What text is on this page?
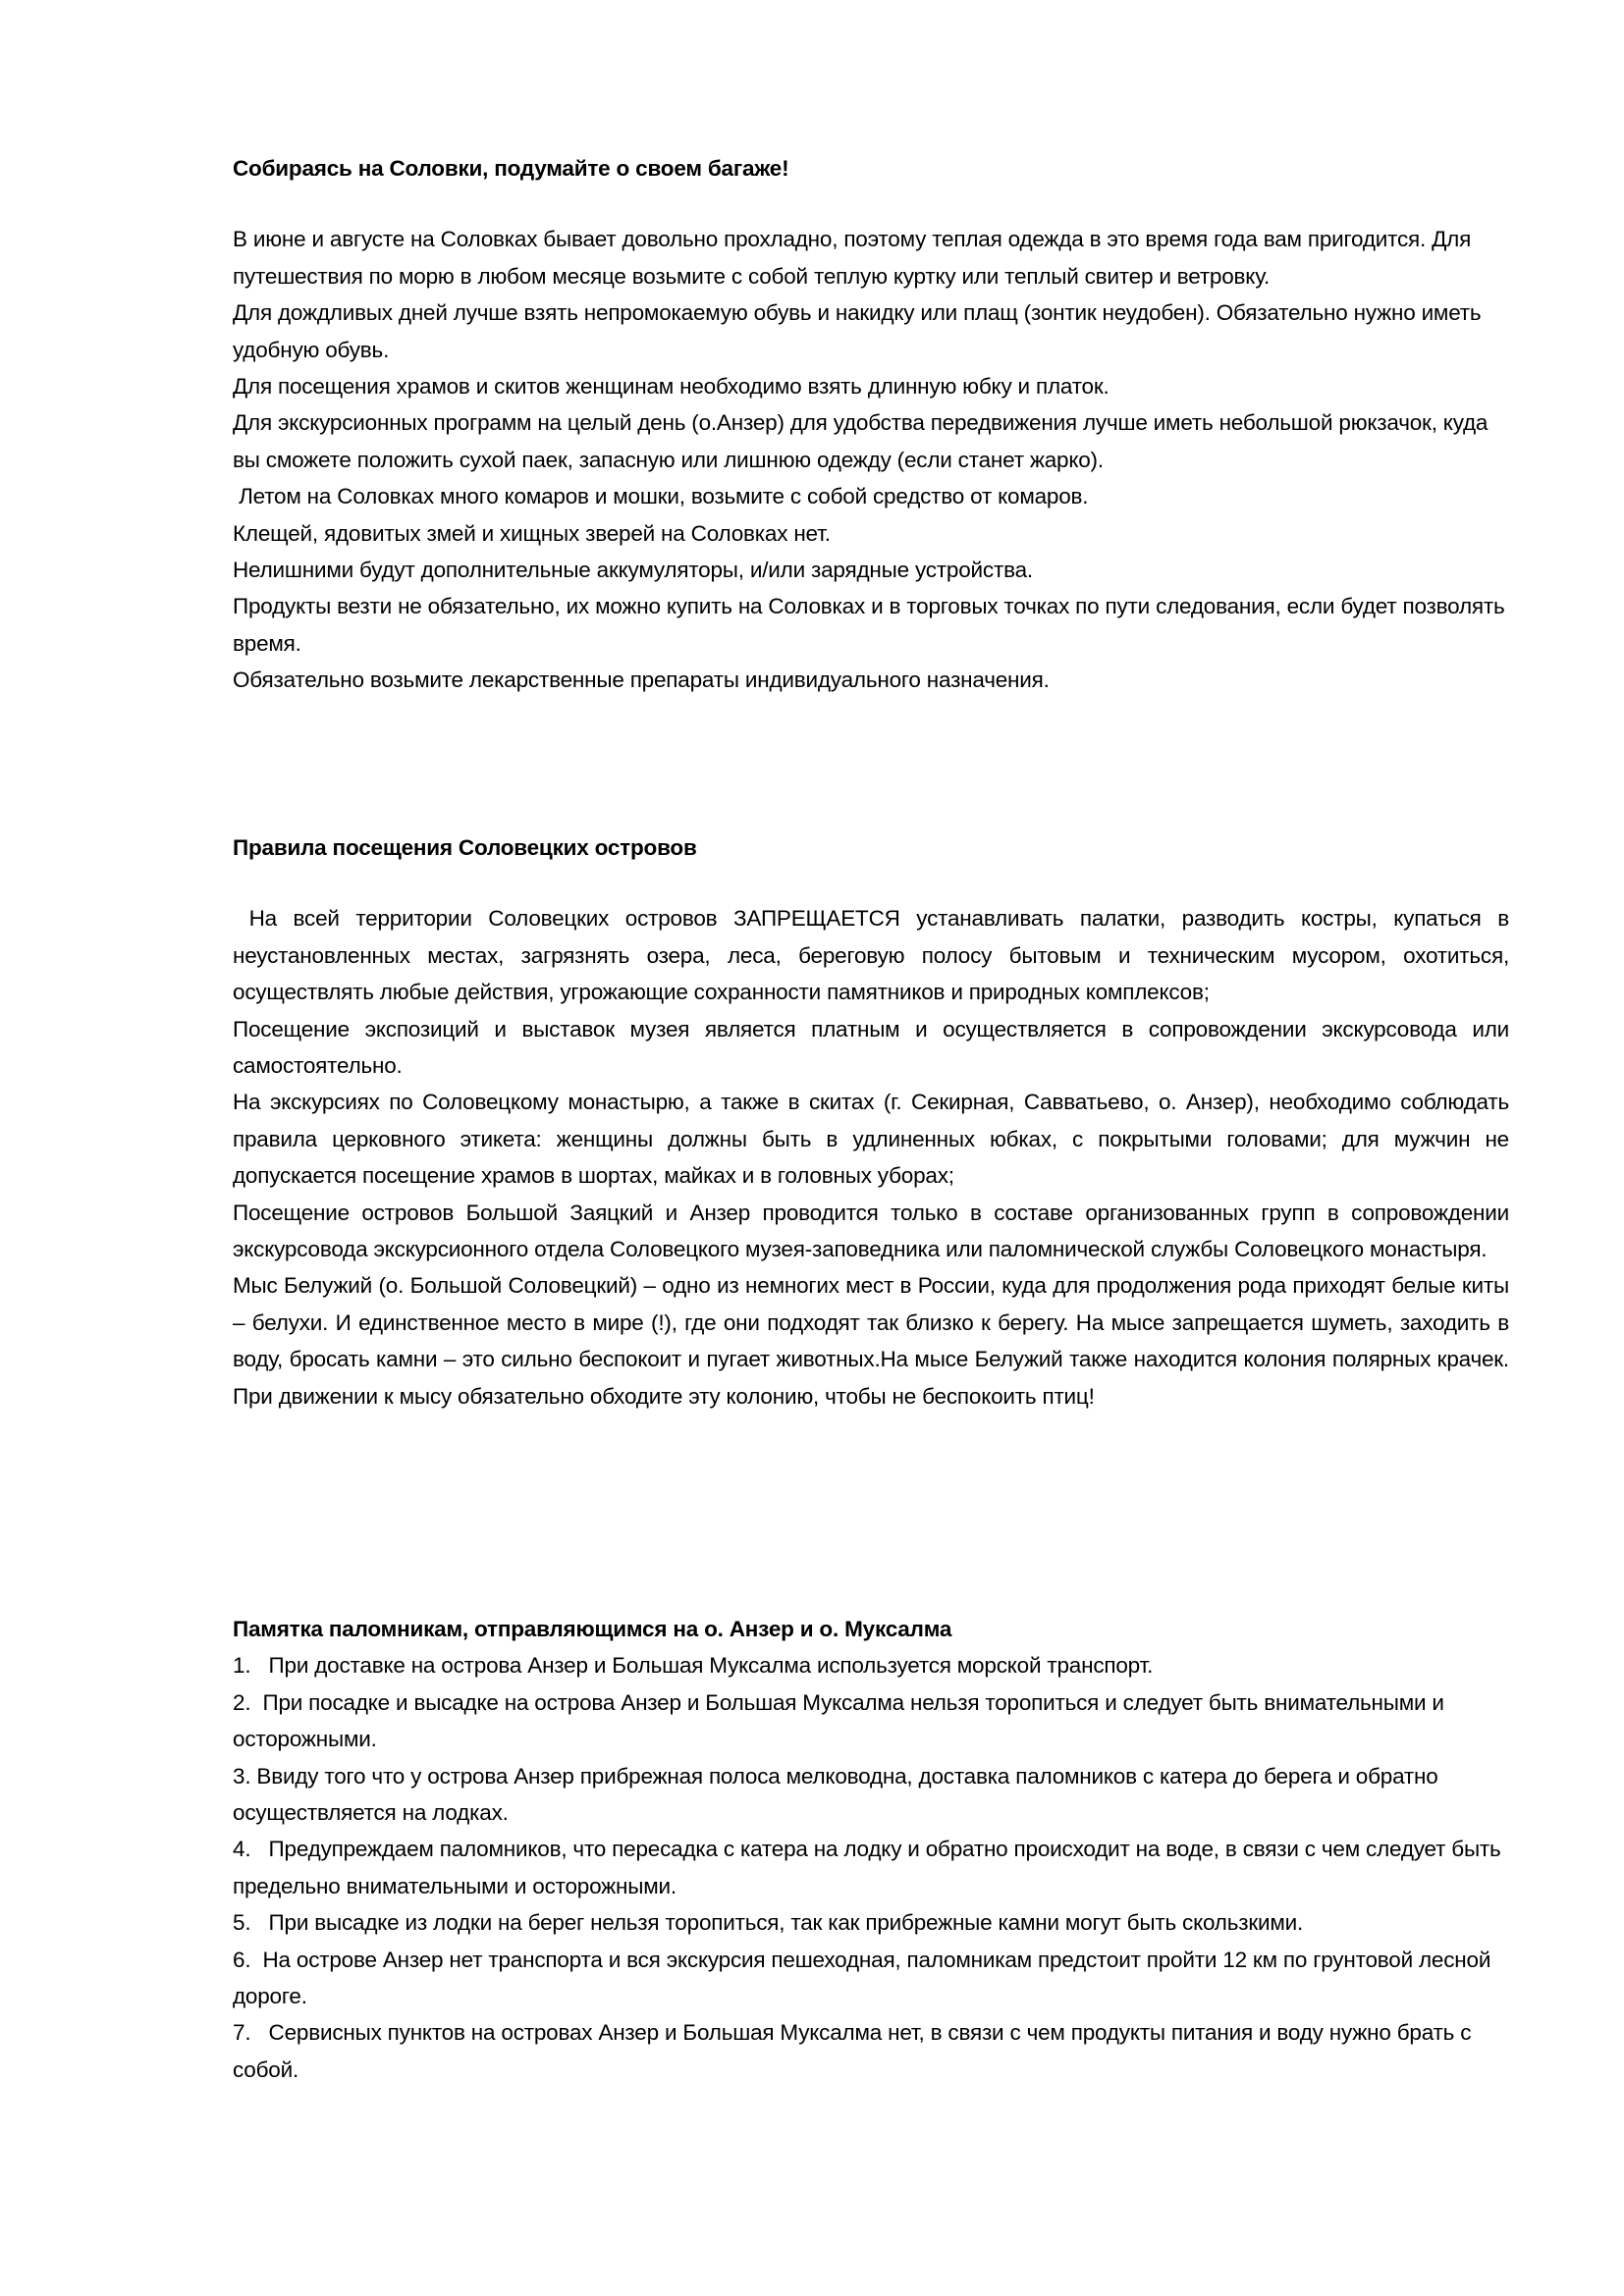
Собираясь на Соловки, подумайте о своем багаже!

В июне и августе на Соловках бывает довольно прохладно, поэтому теплая одежда в это время года вам пригодится. Для путешествия по морю в любом месяце возьмите с собой теплую куртку или теплый свитер и ветровку.

Для дождливых дней лучше взять непромокаемую обувь и накидку или плащ (зонтик неудобен). Обязательно нужно иметь удобную обувь.

Для посещения храмов и скитов женщинам необходимо взять длинную юбку и платок.

Для экскурсионных программ на целый день (о.Анзер) для удобства передвижения лучше иметь небольшой рюкзачок, куда вы сможете положить сухой паек, запасную или лишнюю одежду (если станет жарко).

Летом на Соловках много комаров и мошки, возьмите с собой средство от комаров.

Клещей, ядовитых змей и хищных зверей на Соловках нет.

Нелишними будут дополнительные аккумуляторы, и/или зарядные устройства.

Продукты везти не обязательно, их можно купить на Соловках и в торговых точках по пути следования, если будет позволять время.

Обязательно возьмите лекарственные препараты индивидуального назначения.

Правила посещения Соловецких островов

На всей территории Соловецких островов ЗАПРЕЩАЕТСЯ устанавливать палатки, разводить костры, купаться в неустановленных местах, загрязнять озера, леса, береговую полосу бытовым и техническим мусором, охотиться, осуществлять любые действия, угрожающие сохранности памятников и природных комплексов;

Посещение экспозиций и выставок музея является платным и осуществляется в сопровождении экскурсовода или самостоятельно.

На экскурсиях по Соловецкому монастырю, а также в скитах (г. Секирная, Савватьево, о. Анзер), необходимо соблюдать правила церковного этикета: женщины должны быть в удлиненных юбках, с покрытыми головами; для мужчин не допускается посещение храмов в шортах, майках и в головных уборах;

Посещение островов Большой Заяцкий и Анзер проводится только в составе организованных групп в сопровождении экскурсовода экскурсионного отдела Соловецкого музея-заповедника или паломнической службы Соловецкого монастыря.

Мыс Белужий (о. Большой Соловецкий) – одно из немногих мест в России, куда для продолжения рода приходят белые киты – белухи. И единственное место в мире (!), где они подходят так близко к берегу. На мысе запрещается шуметь, заходить в воду, бросать камни – это сильно беспокоит и пугает животных.На мысе Белужий также находится колония полярных крачек. При движении к мысу обязательно обходите эту колонию, чтобы не беспокоить птиц!

Памятка паломникам, отправляющимся на о. Анзер и о. Муксалма

1.   При доставке на острова Анзер и Большая Муксалма используется морской транспорт.

2.  При посадке и высадке на острова Анзер и Большая Муксалма нельзя торопиться и следует быть внимательными и осторожными.

3. Ввиду того что у острова Анзер прибрежная полоса мелководна, доставка паломников с катера до берега и обратно осуществляется на лодках.

4.   Предупреждаем паломников, что пересадка с катера на лодку и обратно происходит на воде, в связи с чем следует быть предельно внимательными и осторожными.

5.   При высадке из лодки на берег нельзя торопиться, так как прибрежные камни могут быть скользкими.

6.  На острове Анзер нет транспорта и вся экскурсия пешеходная, паломникам предстоит пройти 12 км по грунтовой лесной дороге.

7.   Сервисных пунктов на островах Анзер и Большая Муксалма нет, в связи с чем продукты питания и воду нужно брать с собой.
